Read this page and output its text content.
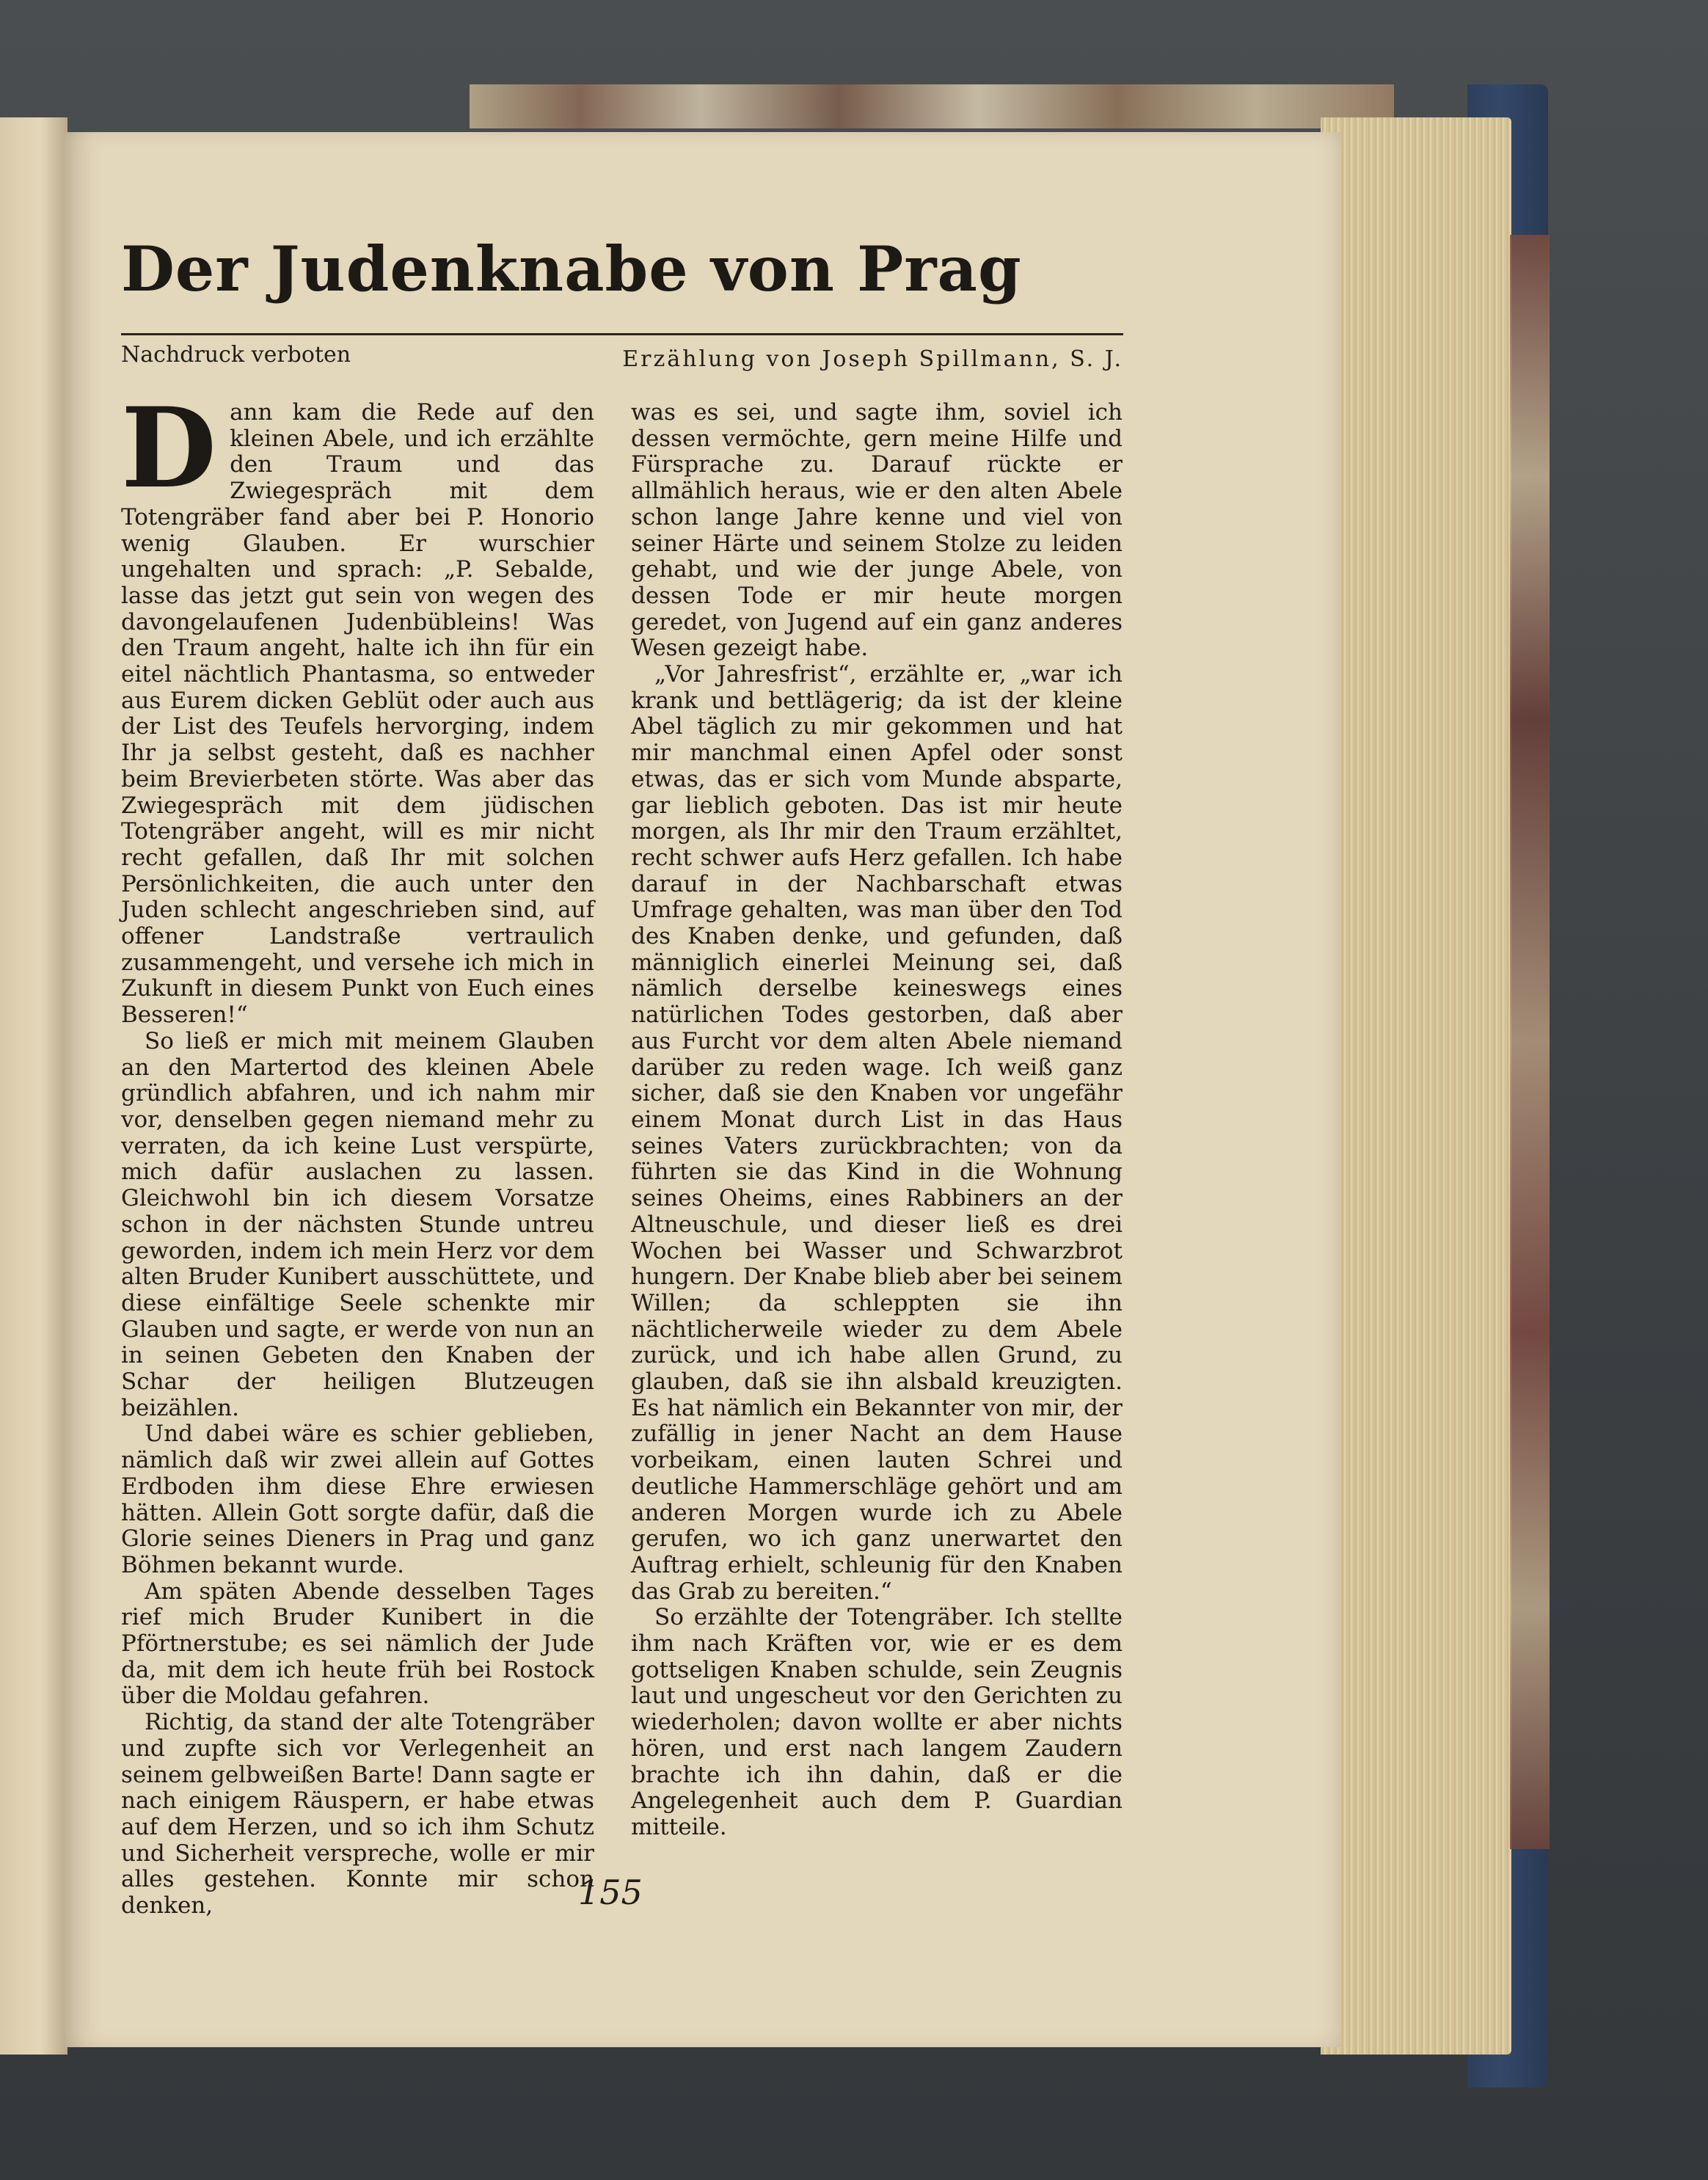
Der Judenknabe von Prag
Nachdruck verboten	Erzählung von Joseph Spillmann, S. J.

Dann kam die Rede auf den kleinen Abele, und ich erzählte den Traum und das Zwiegespräch mit dem Totengräber fand aber bei P. Honorio wenig Glauben. Er wurschier ungehalten und sprach: „P. Sebalde, lasse das jetzt gut sein von wegen des davongelaufenen Judenbübleins! Was den Traum angeht, halte ich ihn für ein eitel nächtlich Phantasma, so entweder aus Eurem dicken Geblüt oder auch aus der List des Teufels hervorging, indem Ihr ja selbst gesteht, daß es nachher beim Brevierbeten störte. Was aber das Zwiegespräch mit dem jüdischen Totengräber angeht, will es mir nicht recht gefallen, daß Ihr mit solchen Persönlichkeiten, die auch unter den Juden schlecht angeschrieben sind, auf offener Landstraße vertraulich zusammengeht, und versehe ich mich in Zukunft in diesem Punkt von Euch eines Besseren!“

So ließ er mich mit meinem Glauben an den Martertod des kleinen Abele gründlich abfahren, und ich nahm mir vor, denselben gegen niemand mehr zu verraten, da ich keine Lust verspürte, mich dafür auslachen zu lassen. Gleichwohl bin ich diesem Vorsatze schon in der nächsten Stunde untreu geworden, indem ich mein Herz vor dem alten Bruder Kunibert ausschüttete, und diese einfältige Seele schenkte mir Glauben und sagte, er werde von nun an in seinen Gebeten den Knaben der Schar der heiligen Blutzeugen beizählen.

Und dabei wäre es schier geblieben, nämlich daß wir zwei allein auf Gottes Erdboden ihm diese Ehre erwiesen hätten. Allein Gott sorgte dafür, daß die Glorie seines Dieners in Prag und ganz Böhmen bekannt wurde.

Am späten Abende desselben Tages rief mich Bruder Kunibert in die Pförtnerstube; es sei nämlich der Jude da, mit dem ich heute früh bei Rostock über die Moldau gefahren.

Richtig, da stand der alte Totengräber und zupfte sich vor Verlegenheit an seinem gelbweißen Barte! Dann sagte er nach einigem Räuspern, er habe etwas auf dem Herzen, und so ich ihm Schutz und Sicherheit verspreche, wolle er mir alles gestehen. Konnte mir schon denken,

was es sei, und sagte ihm, soviel ich dessen vermöchte, gern meine Hilfe und Fürsprache zu. Darauf rückte er allmählich heraus, wie er den alten Abele schon lange Jahre kenne und viel von seiner Härte und seinem Stolze zu leiden gehabt, und wie der junge Abele, von dessen Tode er mir heute morgen geredet, von Jugend auf ein ganz anderes Wesen gezeigt habe.

„Vor Jahresfrist“, erzählte er, „war ich krank und bettlägerig; da ist der kleine Abel täglich zu mir gekommen und hat mir manchmal einen Apfel oder sonst etwas, das er sich vom Munde absparte, gar lieblich geboten. Das ist mir heute morgen, als Ihr mir den Traum erzähltet, recht schwer aufs Herz gefallen. Ich habe darauf in der Nachbarschaft etwas Umfrage gehalten, was man über den Tod des Knaben denke, und gefunden, daß männiglich einerlei Meinung sei, daß nämlich derselbe keineswegs eines natürlichen Todes gestorben, daß aber aus Furcht vor dem alten Abele niemand darüber zu reden wage. Ich weiß ganz sicher, daß sie den Knaben vor ungefähr einem Monat durch List in das Haus seines Vaters zurückbrachten; von da führten sie das Kind in die Wohnung seines Oheims, eines Rabbiners an der Altneuschule, und dieser ließ es drei Wochen bei Wasser und Schwarzbrot hungern. Der Knabe blieb aber bei seinem Willen; da schleppten sie ihn nächtlicherweile wieder zu dem Abele zurück, und ich habe allen Grund, zu glauben, daß sie ihn alsbald kreuzigten. Es hat nämlich ein Bekannter von mir, der zufällig in jener Nacht an dem Hause vorbeikam, einen lauten Schrei und deutliche Hammerschläge gehört und am anderen Morgen wurde ich zu Abele gerufen, wo ich ganz unerwartet den Auftrag erhielt, schleunig für den Knaben das Grab zu bereiten.“

So erzählte der Totengräber. Ich stellte ihm nach Kräften vor, wie er es dem gottseligen Knaben schulde, sein Zeugnis laut und ungescheut vor den Gerichten zu wiederholen; davon wollte er aber nichts hören, und erst nach langem Zaudern brachte ich ihn dahin, daß er die Angelegenheit auch dem P. Guardian mitteile.

155
